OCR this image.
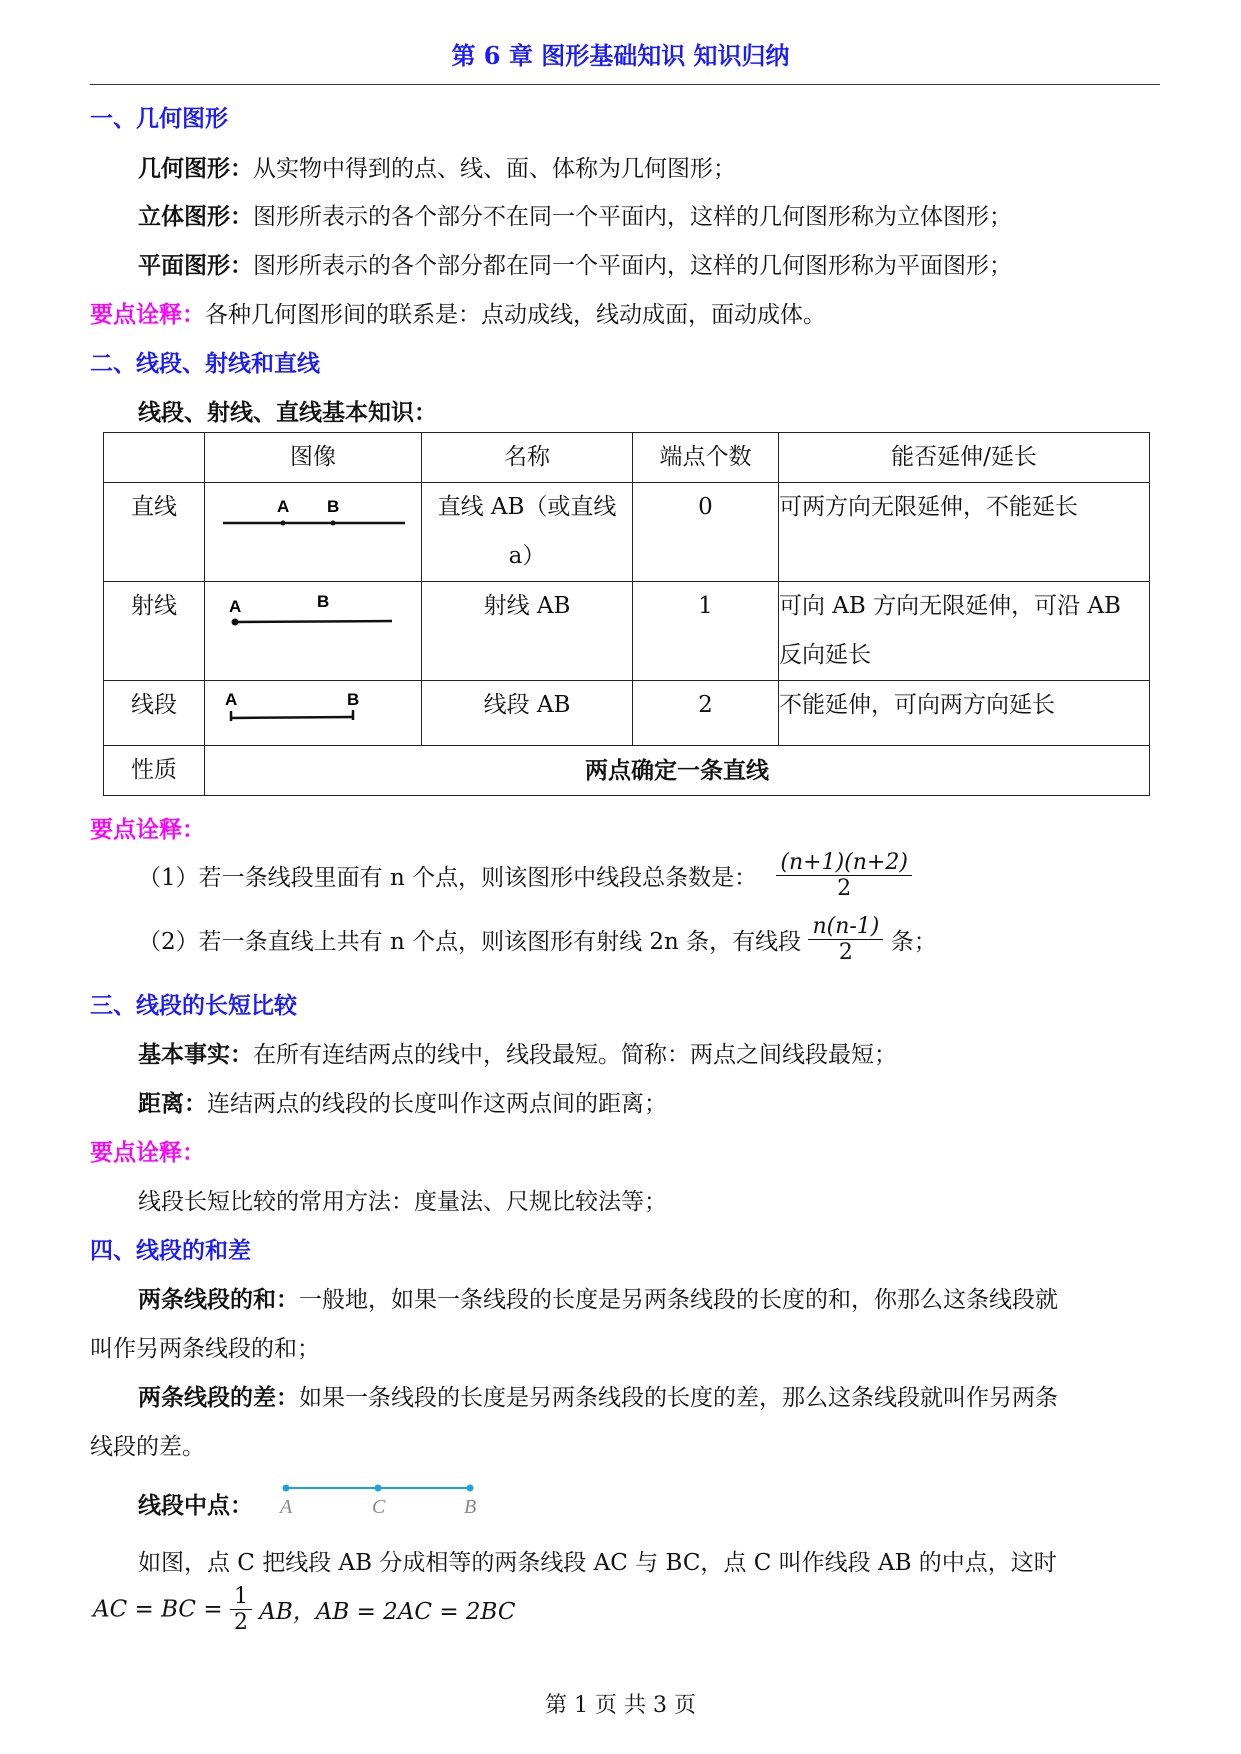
第 6 章 图形基础知识 知识归纳
一、几何图形
几何图形：从实物中得到的点、线、面、体称为几何图形；
立体图形：图形所表示的各个部分不在同一个平面内，这样的几何图形称为立体图形；
平面图形：图形所表示的各个部分都在同一个平面内，这样的几何图形称为平面图形；
要点诠释：各种几何图形间的联系是：点动成线，线动成面，面动成体。
二、线段、射线和直线
线段、射线、直线基本知识：
	图像	名称	端点个数	能否延伸/延长
直线	A B	直线 AB（或直线 a）	0	可两方向无限延伸，不能延长
射线	A B	射线 AB	1	可向 AB 方向无限延伸，可沿 AB 反向延长
线段	A B	线段 AB	2	不能延伸，可向两方向延长
性质	两点确定一条直线			
要点诠释：
（1）若一条线段里面有 n 个点，则该图形中线段总条数是： $\frac{(n+1)(n+2)}{2}$
（2）若一条直线上共有 n 个点，则该图形有射线 2n 条，有线段 $\frac{n(n-1)}{2}$ 条；
三、线段的长短比较
基本事实：在所有连结两点的线中，线段最短。简称：两点之间线段最短；
距离：连结两点的线段的长度叫作这两点间的距离；
要点诠释：
线段长短比较的常用方法：度量法、尺规比较法等；
四、线段的和差
两条线段的和：一般地，如果一条线段的长度是另两条线段的长度的和，你那么这条线段就
叫作另两条线段的和；
两条线段的差：如果一条线段的长度是另两条线段的长度的差，那么这条线段就叫作另两条
线段的差。
线段中点： A	C	B
如图，点 C 把线段 AB 分成相等的两条线段 AC 与 BC，点 C 叫作线段 AB 的中点，这时
AC = BC = $\frac{1}{2}$ AB，AB = 2AC = 2BC
第 1 页 共 3 页
